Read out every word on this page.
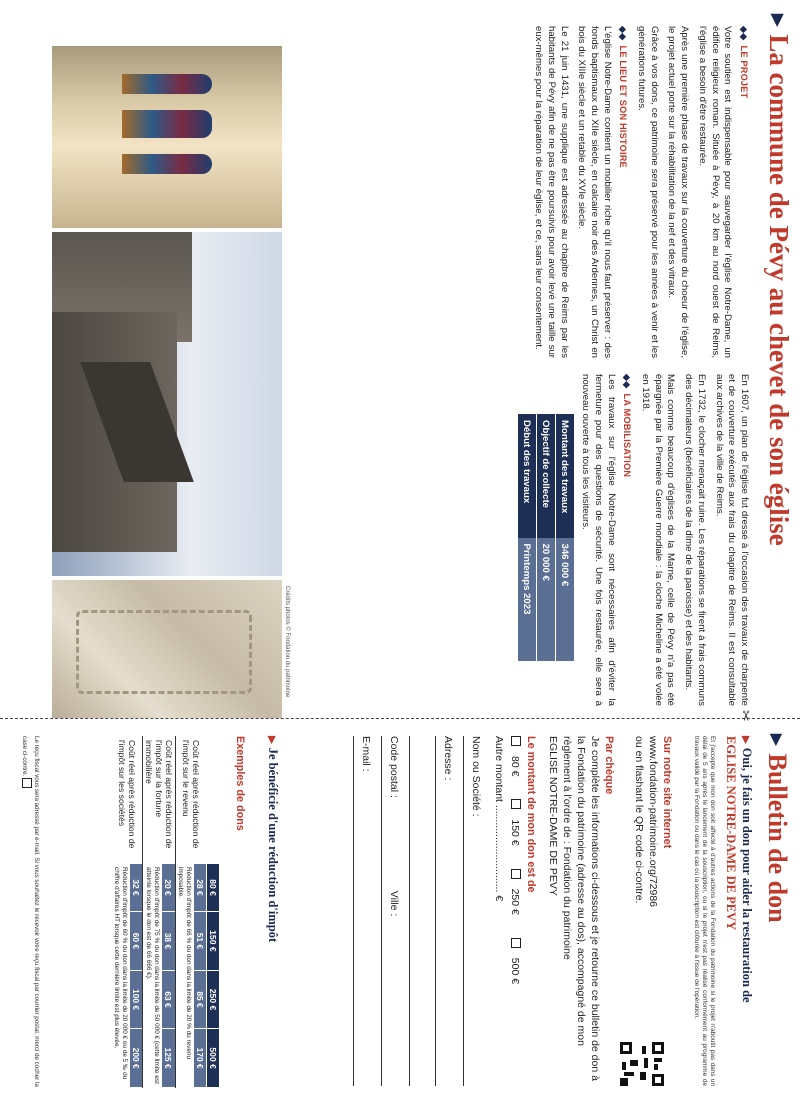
▶La commune de Pévy au chevet de son église
◆◆LE PROJET

Votre soutien est indispensable pour sauvegarder l'église Notre-Dame, un édifice religieux roman. Située à Pévy, à 20 km au nord ouest de Reims, l'église a besoin d'être restaurée.

Après une première phase de travaux sur la couverture du choeur de l'église, le projet actuel porte sur la réhabilitation de la nef et des vitraux.

Grâce à vos dons, ce patrimoine sera préservé pour les années à venir et les générations futures.

◆◆LE LIEU ET SON HISTOIRE

L'église Notre-Dame contient un mobilier riche qu'il nous faut préserver : des fonds baptismaux du XIIe siècle, en calcaire noir des Ardennes, un Christ en bois du XIIIe siècle et un retable du XVIe siècle.

Le 21 juin 1431, une supplique est adressée au chapitre de Reims par les habitants de Pévy afin de ne pas être poursuivis pour avoir levé une taille sur eux-mêmes pour la réparation de leur église, et ce, sans leur consentement.

En 1607, un plan de l'église fut dressé à l'occasion des travaux de charpente et de couverture exécutés aux frais du chapitre de Reims. Il est consultable aux archives de la ville de Reims.

En 1732, le clocher menaçait ruine. Les réparations se firent à frais communs des décimateurs (bénéficiaires de la dîme de la paroisse) et des habitants.

Mais comme beaucoup d'églises de la Marne, celle de Pévy n'a pas été épargnée par la Première Guerre mondiale : la cloche Micheline a été volée en 1918.

◆◆LA MOBILISATION

Les travaux sur l'église Notre-Dame sont nécessaires afin d'éviter la fermeture pour des questions de sécurité. Une fois restaurée, elle sera à nouveau ouverte à tous les visiteurs.

Montant des travaux	346 000 €
Objectif de collecte	20 000 €
Début des travaux	Printemps 2023
Crédits photos © Fondation du patrimoine
✂
▶Bulletin de don
▶Oui, je fais un don pour aider la restauration de
EGLISE NOTRE-DAME DE PEVY
Et j'accepte que mon don soit affecté à d'autres actions de la Fondation du patrimoine si le projet n'aboutit pas dans un délai de 5 ans après le lancement de la souscription, ou si le projet n'est pas réalisé conformément au programme de travaux validé par la Fondation ou dans le cas où la souscription est clôturée à l'issue de l'opération.
Sur notre site internet
www.fondation-patrimoine.org/72986
ou en flashant le QR code ci-contre.
Par chèque
Je complète les informations ci-dessous et je retourne ce bulletin de don à la Fondation du patrimoine (adresse au dos), accompagné de mon règlement à l'ordre de : Fondation du patrimoine
EGLISE NOTRE-DAME DE PEVY
Le montant de mon don est de
80 € 150 € 250 € 500 €
Autre montant .............................. €
Nom ou Société :
Adresse :
Code postal : Ville :
E-mail :
▶Je bénéficie d'une réduction d'impôt
Exemples de dons
	80 €	150 €	250 €	500 €
Coût réel après réduction de l'impôt sur le revenu	28 €	51 €	85 €	170 €
	Réduction d'impôt de 66 % du don dans la limite de 20 % du revenu imposable.			
Coût réel après réduction de l'impôt sur la fortune immobilière	20 €	38 €	63 €	125 €
	Réduction d'impôt de 75 % du don dans la limite de 50 000 € (cette limite est atteinte lorsque le don est de 66 666 €).			
Coût réel après réduction de l'impôt sur les sociétés	32 €	60 €	100 €	200 €
	Réduction d'impôt de 60 % du don dans la limite de 20 000 € ou de 5 ‰ du chiffre d'affaires HT lorsque cette dernière limite est plus élevée.			
Le reçu fiscal vous sera adressé par e-mail. Si vous souhaitez le recevoir votre reçu fiscal par courrier postal, merci de cocher la case ci-contre.
